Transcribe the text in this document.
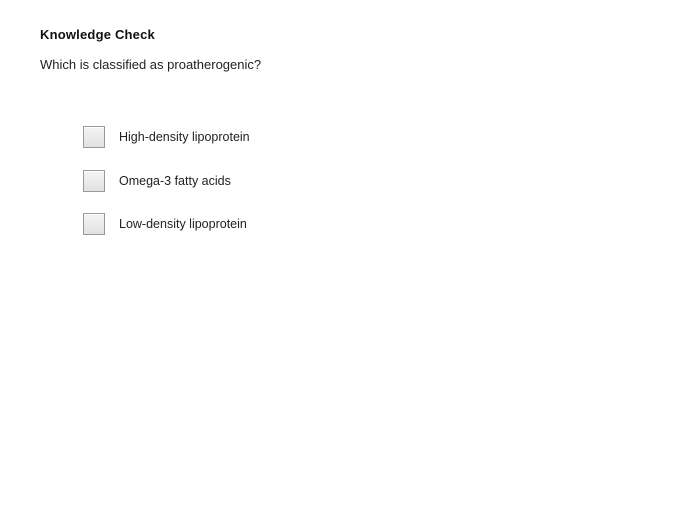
Knowledge Check
Which is classified as proatherogenic?
High-density lipoprotein
Omega-3 fatty acids
Low-density lipoprotein
